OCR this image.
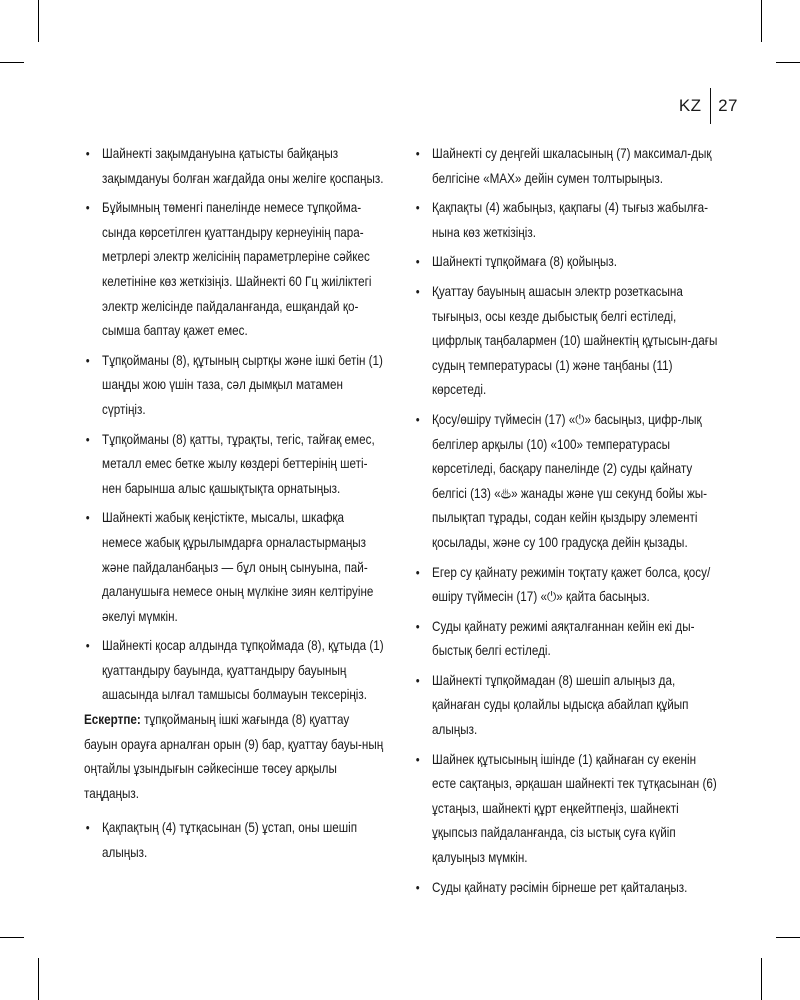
KZ 27
• Шайнекті зақымдануына қатысты байқаңыз зақымдануы болған жағдайда оны желіге қоспаңыз.
• Бұйымның төменгі панелінде немесе тұпқойма-сында көрсетілген қуаттандыру кернеуінің пара-метрлері электр желісінің параметрлеріне сәйкес келетініне көз жеткізіңіз. Шайнекті 60 Гц жиіліктегі электр желісінде пайдаланғанда, ешқандай қо-сымша баптау қажет емес.
• Тұпқойманы (8), құтының сыртқы және ішкі бетін (1) шаңды жою үшін таза, сәл дымқыл матамен сүртіңіз.
• Тұпқойманы (8) қатты, тұрақты, тегіс, тайғақ емес, металл емес бетке жылу көздері беттерінің шеті-нен барынша алыс қашықтықта орнатыңыз.
• Шайнекті жабық кеңістікте, мысалы, шкафқа немесе жабық құрылымдарға орналастырмаңыз және пайдаланбаңыз — бұл оның сынуына, пай-даланушыға немесе оның мүлкіне зиян келтіруіне әкелуі мүмкін.
• Шайнекті қосар алдында тұпқоймада (8), құтыда (1) қуаттандыру бауында, қуаттандыру бауының ашасында ылғал тамшысы болмауын тексеріңіз.

Ескертпе: тұпқойманың ішкі жағында (8) қуаттау бауын орауға арналған орын (9) бар, қуаттау бауы-ның оңтайлы ұзындығын сәйкесінше төсеу арқылы таңдаңыз.

• Қақпақтың (4) тұтқасынан (5) ұстап, оны шешіп алыңыз.
• Шайнекті су деңгейі шкаласының (7) максимал-дық белгісіне «MAX» дейін сумен толтырыңыз.
• Қақпақты (4) жабыңыз, қақпағы (4) тығыз жабылға-нына көз жеткізіңіз.
• Шайнекті тұпқоймаға (8) қойыңыз.
• Қуаттау бауының ашасын электр розеткасына тығыңыз, осы кезде дыбыстық белгі естіледі, цифрлық таңбалармен (10) шайнектің құтысын-дағы судың температурасы (1) және таңбаны (11) көрсетеді.
• Қосу/өшіру түймесін (17) «⏻» басыңыз, цифр-лық белгілер арқылы (10) «100» температурасы көрсетіледі, басқару панелінде (2) суды қайнату белгісі (13) «♨» жанады және үш секунд бойы жы-пылықтап тұрады, содан кейін қыздыру элементі қосылады, және су 100 градусқа дейін қызады.
• Егер су қайнату режимін тоқтату қажет болса, қосу/өшіру түймесін (17) «⏻» қайта басыңыз.
• Суды қайнату режимі аяқталғаннан кейін екі ды-быстық белгі естіледі.
• Шайнекті тұпқоймадан (8) шешіп алыңыз да, қайнаған суды қолайлы ыдысқа абайлап құйып алыңыз.
• Шайнек құтысының ішінде (1) қайнаған су екенін есте сақтаңыз, әрқашан шайнекті тек тұтқасынан (6) ұстаңыз, шайнекті құрт еңкейтпеңіз, шайнекті ұқыпсыз пайдаланғанда, сіз ыстық суға күйіп қалуыңыз мүмкін.
• Суды қайнату рәсімін бірнеше рет қайталаңыз.
